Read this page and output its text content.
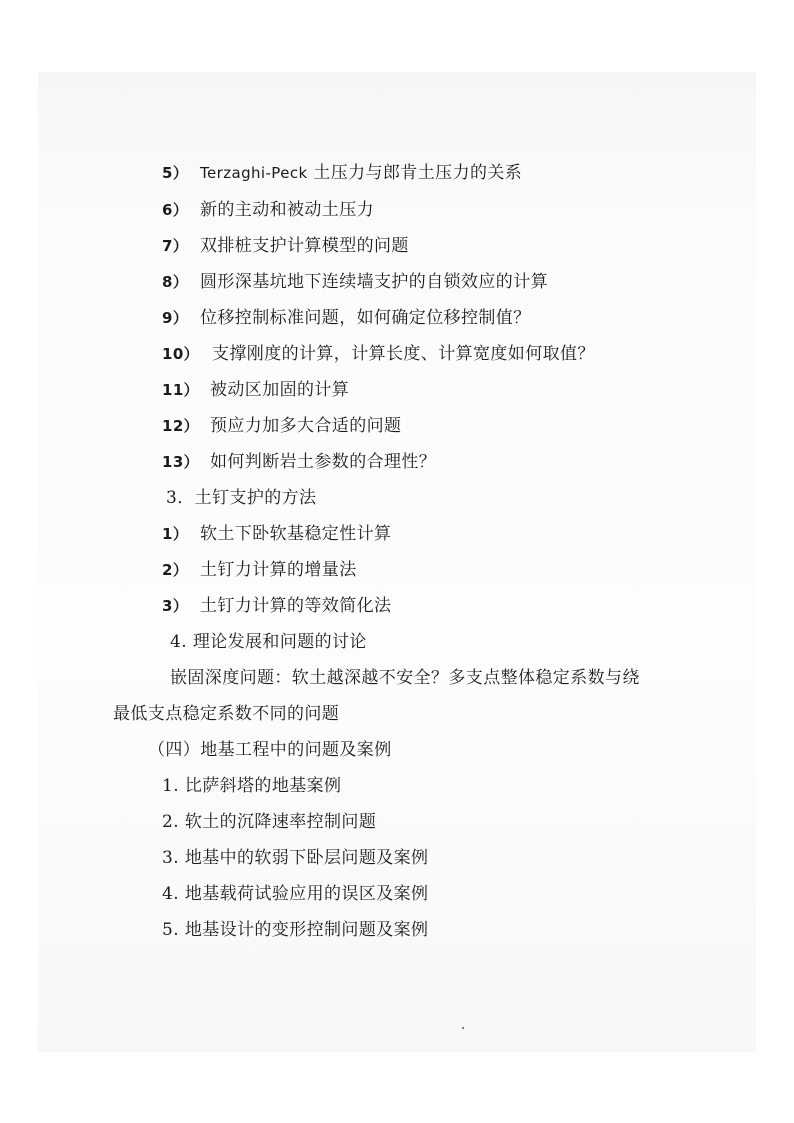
5） Terzaghi-Peck 土压力与郎肯土压力的关系
6） 新的主动和被动土压力
7） 双排桩支护计算模型的问题
8） 圆形深基坑地下连续墙支护的自锁效应的计算
9） 位移控制标准问题，如何确定位移控制值？
10） 支撑刚度的计算，计算长度、计算宽度如何取值？
11） 被动区加固的计算
12） 预应力加多大合适的问题
13） 如何判断岩土参数的合理性？
3．土钉支护的方法
1） 软土下卧软基稳定性计算
2） 土钉力计算的增量法
3） 土钉力计算的等效简化法
4. 理论发展和问题的讨论
嵌固深度问题：软土越深越不安全？多支点整体稳定系数与绕
最低支点稳定系数不同的问题
（四）地基工程中的问题及案例
1. 比萨斜塔的地基案例
2. 软土的沉降速率控制问题
3. 地基中的软弱下卧层问题及案例
4. 地基载荷试验应用的误区及案例
5. 地基设计的变形控制问题及案例
